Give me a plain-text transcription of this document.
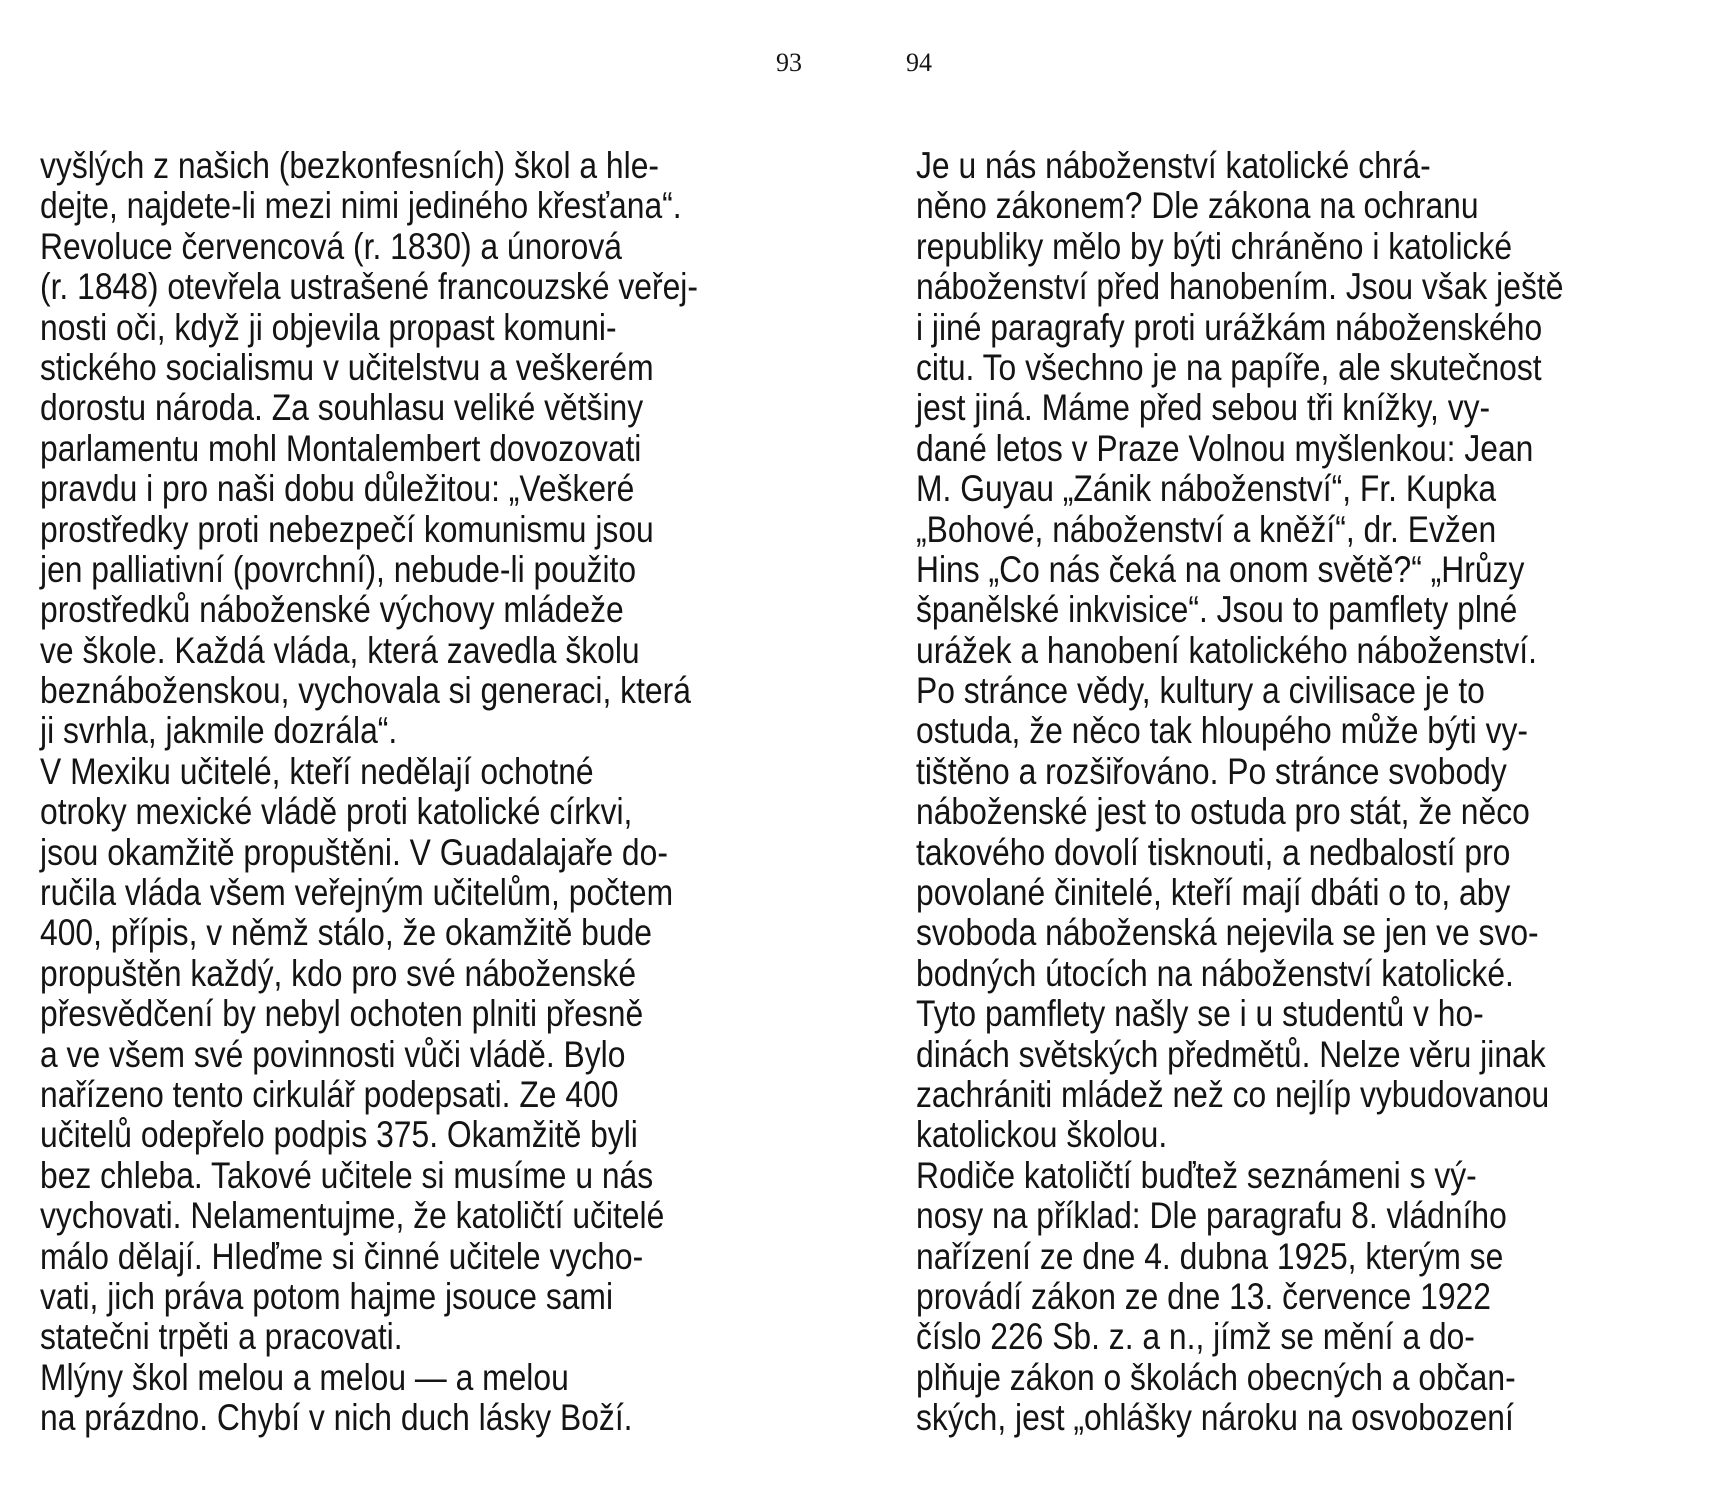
93	94
vyšlých z našich (bezkonfesních) škol a hle-
dejte, najdete-li mezi nimi jediného křesťana“.
Revoluce červencová (r. 1830) a únorová
(r. 1848) otevřela ustrašené francouzské veřej-
nosti oči, když ji objevila propast komuni-
stického socialismu v učitelstvu a veškerém
dorostu národa. Za souhlasu veliké většiny
parlamentu mohl Montalembert dovozovati
pravdu i pro naši dobu důležitou: „Veškeré
prostředky proti nebezpečí komunismu jsou
jen palliativní (povrchní), nebude-li použito
prostředků náboženské výchovy mládeže
ve škole. Každá vláda, která zavedla školu
beznáboženskou, vychovala si generaci, která
ji svrhla, jakmile dozrála“.
V Mexiku učitelé, kteří nedělají ochotné
otroky mexické vládě proti katolické církvi,
jsou okamžitě propuštěni. V Guadalajaře do-
ručila vláda všem veřejným učitelům, počtem
400, přípis, v němž stálo, že okamžitě bude
propuštěn každý, kdo pro své náboženské
přesvědčení by nebyl ochoten plniti přesně
a ve všem své povinnosti vůči vládě. Bylo
nařízeno tento cirkulář podepsati. Ze 400
učitelů odepřelo podpis 375. Okamžitě byli
bez chleba. Takové učitele si musíme u nás
vychovati. Nelamentujme, že katoličtí učitelé
málo dělají. Hleďme si činné učitele vycho-
vati, jich práva potom hajme jsouce sami
statečni trpěti a pracovati.
Mlýny škol melou a melou — a melou
na prázdno. Chybí v nich duch lásky Boží.
Je u nás náboženství katolické chrá-
něno zákonem? Dle zákona na ochranu
republiky mělo by býti chráněno i katolické
náboženství před hanobením. Jsou však ještě
i jiné paragrafy proti urážkám náboženského
citu. To všechno je na papíře, ale skutečnost
jest jiná. Máme před sebou tři knížky, vy-
dané letos v Praze Volnou myšlenkou: Jean
M. Guyau „Zánik náboženství“, Fr. Kupka
„Bohové, náboženství a kněží“, dr. Evžen
Hins „Co nás čeká na onom světě?“ „Hrůzy
španělské inkvisice“. Jsou to pamflety plné
urážek a hanobení katolického náboženství.
Po stránce vědy, kultury a civilisace je to
ostuda, že něco tak hloupého může býti vy-
tištěno a rozšiřováno. Po stránce svobody
náboženské jest to ostuda pro stát, že něco
takového dovolí tisknouti, a nedbalostí pro
povolané činitelé, kteří mají dbáti o to, aby
svoboda náboženská nejevila se jen ve svo-
bodných útocích na náboženství katolické.
Tyto pamflety našly se i u studentů v ho-
dinách světských předmětů. Nelze věru jinak
zachrániti mládež než co nejlíp vybudovanou
katolickou školou.
Rodiče katoličtí buďtež seznámeni s vý-
nosy na příklad: Dle paragrafu 8. vládního
nařízení ze dne 4. dubna 1925, kterým se
provádí zákon ze dne 13. července 1922
číslo 226 Sb. z. a n., jímž se mění a do-
plňuje zákon o školách obecných a občan-
ských, jest „ohlášky nároku na osvobození
